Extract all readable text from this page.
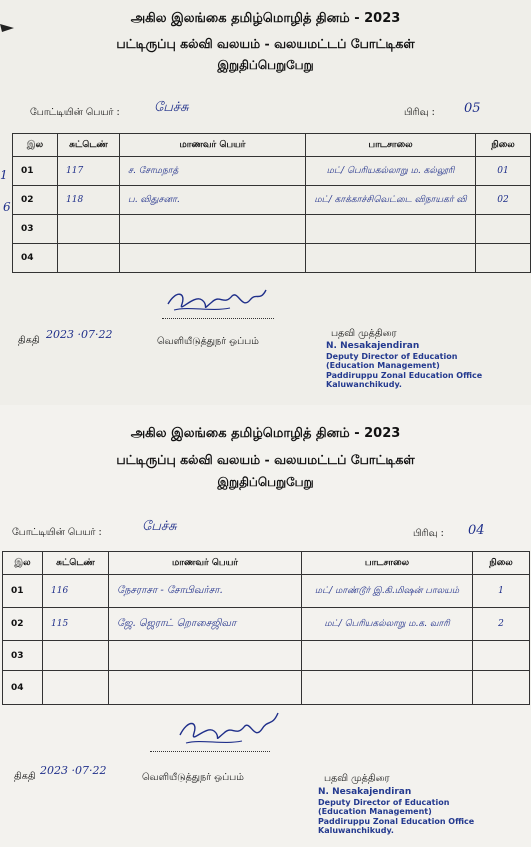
அகில இலங்கை தமிழ்மொழித் தினம் - 2023
பட்டிருப்பு கல்வி வலயம் - வலயமட்டப் போட்டிகள்
இறுதிப்பெறுபேறு
போட்டியின் பெயர் :	பேச்சு	பிரிவு : 05
இல	சுட்டெண்	மாணவர் பெயர்	பாடசாலை	நிலை
01	117	ச. சோமநாத்	மட்/ பெரியகல்லாறு ம. கல்லூரி	01
02	118	ப. விதுசனா.	மட்/ காக்காச்சிவெட்டை விநாயகர் வி	02
03				
04				
1
6
திகதி 2023 ·07·22
வெளியீடுத்துநர் ஒப்பம்
பதவி முத்திரை
N. Nesakajendiran
Deputy Director of Education
(Education Management)
Paddiruppu Zonal Education Office
Kaluwanchikudy.
அகில இலங்கை தமிழ்மொழித் தினம் - 2023
பட்டிருப்பு கல்வி வலயம் - வலயமட்டப் போட்டிகள்
இறுதிப்பெறுபேறு
போட்டியின் பெயர் :	பேச்சு	பிரிவு : 04
இல	சுட்டெண்	மாணவர் பெயர்	பாடசாலை	நிலை
01	116	நேசராசா - சோபிவர்சா.	மட்/ மாண்டூர் இ.கி.மிஷன் பாலயம்	1
02	115	ஜே. ஜெராட் றொசைஜிவா	மட்/ பெரியகல்லாறு ம.க. வாரி	2
03				
04				
திகதி 2023 ·07·22
வெளியீடுத்துநர் ஒப்பம்	பதவி முத்திரை
N. Nesakajendiran
Deputy Director of Education
(Education Management)
Paddiruppu Zonal Education Office
Kaluwanchikudy.
